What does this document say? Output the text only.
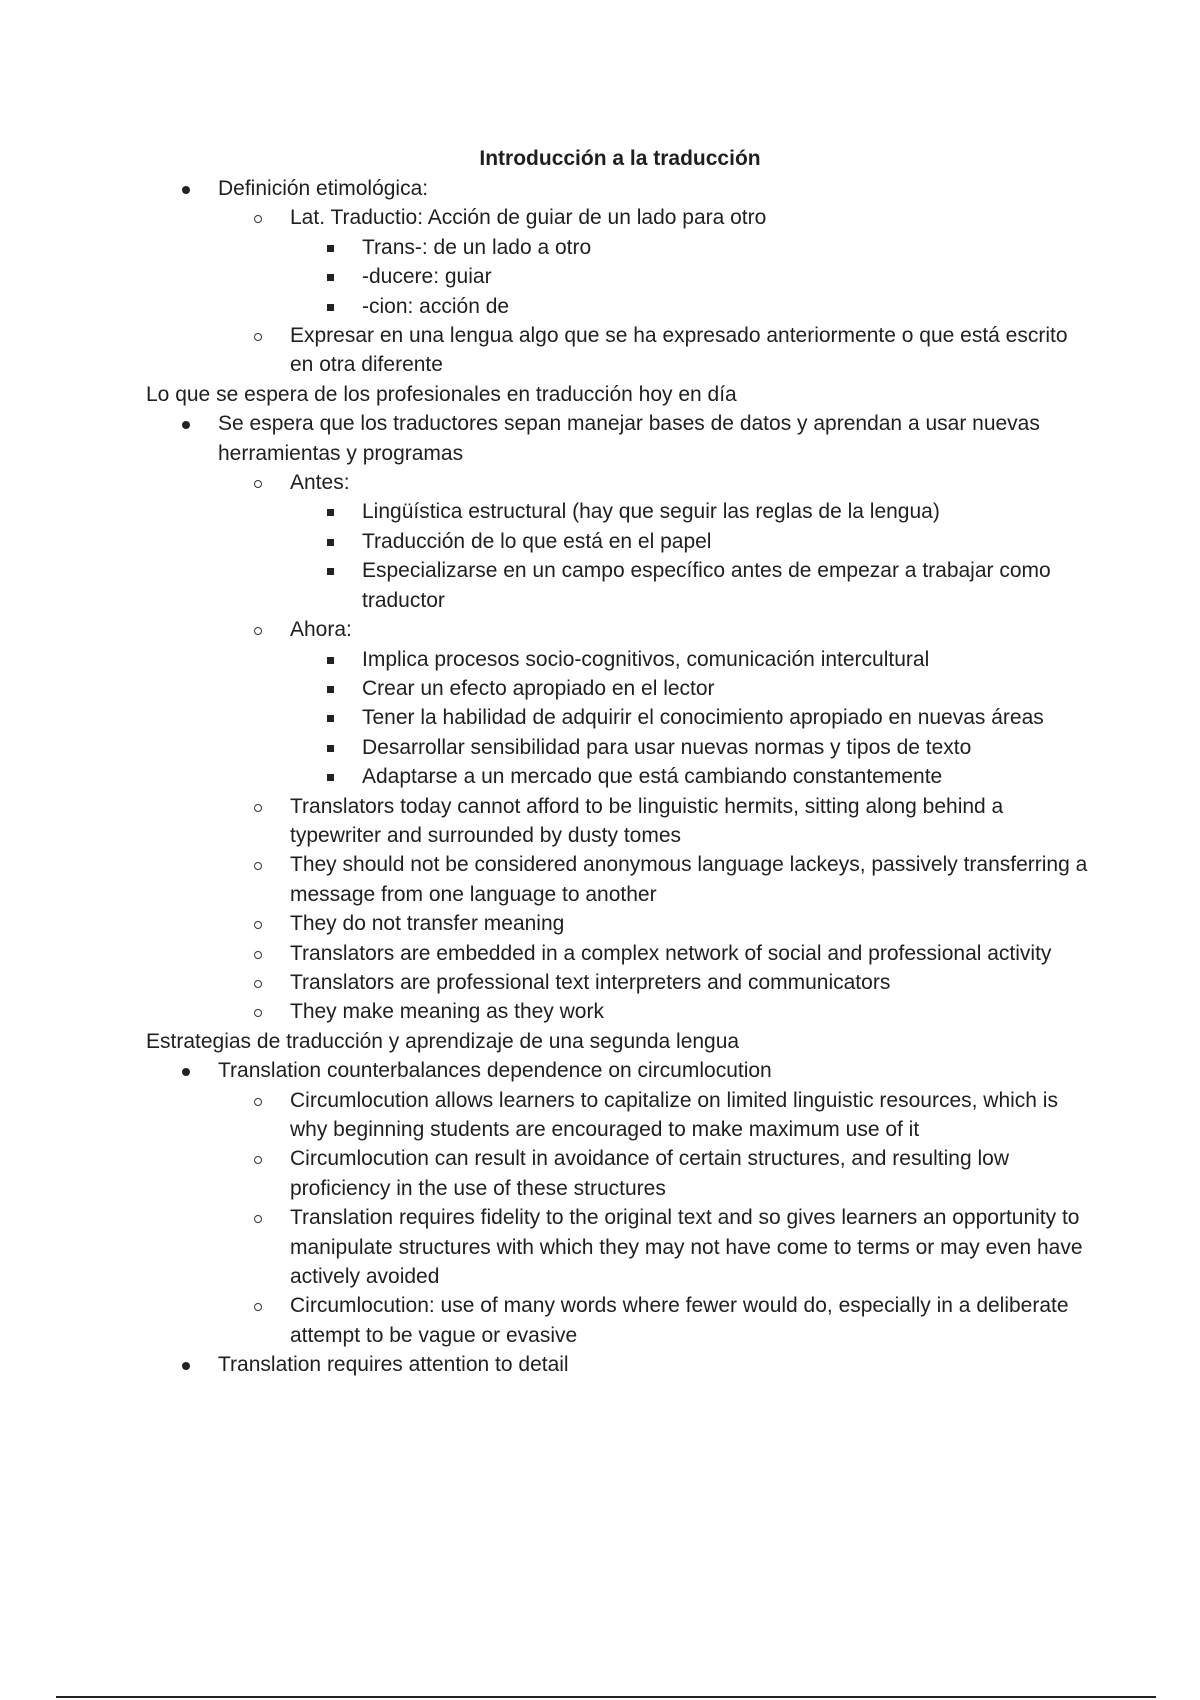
Introducción a la traducción
Definición etimológica:
Lat. Traductio: Acción de guiar de un lado para otro
Trans-: de un lado a otro
-ducere: guiar
-cion: acción de
Expresar en una lengua algo que se ha expresado anteriormente o que está escrito en otra diferente

Lo que se espera de los profesionales en traducción hoy en día

Se espera que los traductores sepan manejar bases de datos y aprendan a usar nuevas herramientas y programas
Antes:
Lingüística estructural (hay que seguir las reglas de la lengua)
Traducción de lo que está en el papel
Especializarse en un campo específico antes de empezar a trabajar como traductor
Ahora:
Implica procesos socio-cognitivos, comunicación intercultural
Crear un efecto apropiado en el lector
Tener la habilidad de adquirir el conocimiento apropiado en nuevas áreas
Desarrollar sensibilidad para usar nuevas normas y tipos de texto
Adaptarse a un mercado que está cambiando constantemente
Translators today cannot afford to be linguistic hermits, sitting along behind a typewriter and surrounded by dusty tomes
They should not be considered anonymous language lackeys, passively transferring a message from one language to another
They do not transfer meaning
Translators are embedded in a complex network of social and professional activity
Translators are professional text interpreters and communicators
They make meaning as they work

Estrategias de traducción y aprendizaje de una segunda lengua

Translation counterbalances dependence on circumlocution
Circumlocution allows learners to capitalize on limited linguistic resources, which is why beginning students are encouraged to make maximum use of it
Circumlocution can result in avoidance of certain structures, and resulting low proficiency in the use of these structures
Translation requires fidelity to the original text and so gives learners an opportunity to manipulate structures with which they may not have come to terms or may even have actively avoided
Circumlocution: use of many words where fewer would do, especially in a deliberate attempt to be vague or evasive
Translation requires attention to detail
